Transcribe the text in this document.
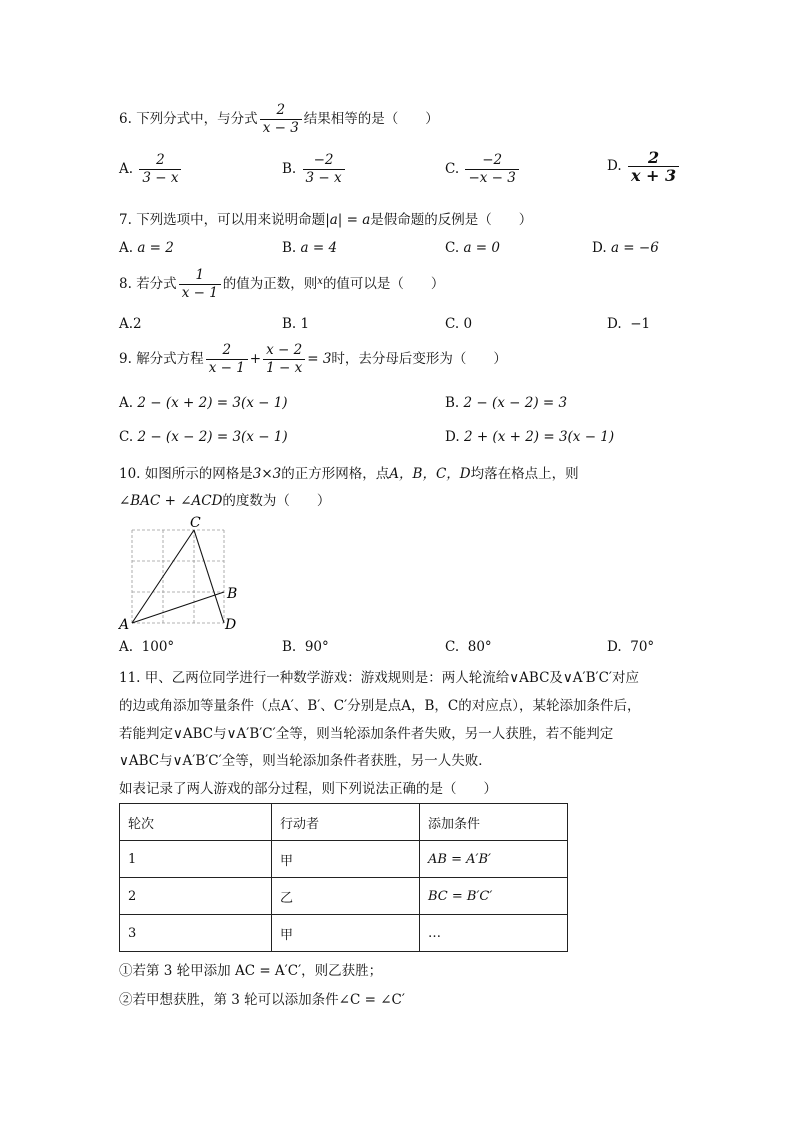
6. 下列分式中，与分式 $\frac{2}{x - 3}$ 结果相等的是（　　）
A. $\frac{2}{3 - x}$	B. $\frac{-2}{3 - x}$	C. $\frac{-2}{-x - 3}$	D. $\frac{2}{x + 3}$
7. 下列选项中，可以用来说明命题|a| = a是假命题的反例是（　　）
A. a = 2	B. a = 4	C. a = 0	D. a = −6
8. 若分式 $\frac{1}{x - 1}$ 的值为正数，则$^x$的值可以是（　　）
A.2	B. 1	C. 0	D. −1
9. 解分式方程 $\frac{2}{x - 1} + \frac{x - 2}{1 - x} = 3$时，去分母后变形为（　　）
A. 2 − (x + 2) = 3(x − 1)	B. 2 − (x − 2) = 3
C. 2 − (x − 2) = 3(x − 1)	D. 2 + (x + 2) = 3(x − 1)
10. 如图所示的网格是3×3的正方形网格，点A，B，C，D均落在格点上，则
∠BAC + ∠ACD的度数为（　　）
C
B
A	D
A. 100°	B. 90°	C. 80°	D. 70°
11. 甲、乙两位同学进行一种数学游戏：游戏规则是：两人轮流给∨ABC及∨A′B′C′对应
的边或角添加等量条件（点A′、B′、C′分别是点A，B，C的对应点），某轮添加条件后，
若能判定∨ABC与∨A′B′C′全等，则当轮添加条件者失败，另一人获胜，若不能判定
∨ABC与∨A′B′C′全等，则当轮添加条件者获胜，另一人失败．
如表记录了两人游戏的部分过程，则下列说法正确的是（　　）
轮次	行动者	添加条件
1	甲	AB = A′B′
2	乙	BC = B′C′
3	甲	…
①若第 3 轮甲添加 AC = A′C′，则乙获胜；
②若甲想获胜，第 3 轮可以添加条件∠C = ∠C′
